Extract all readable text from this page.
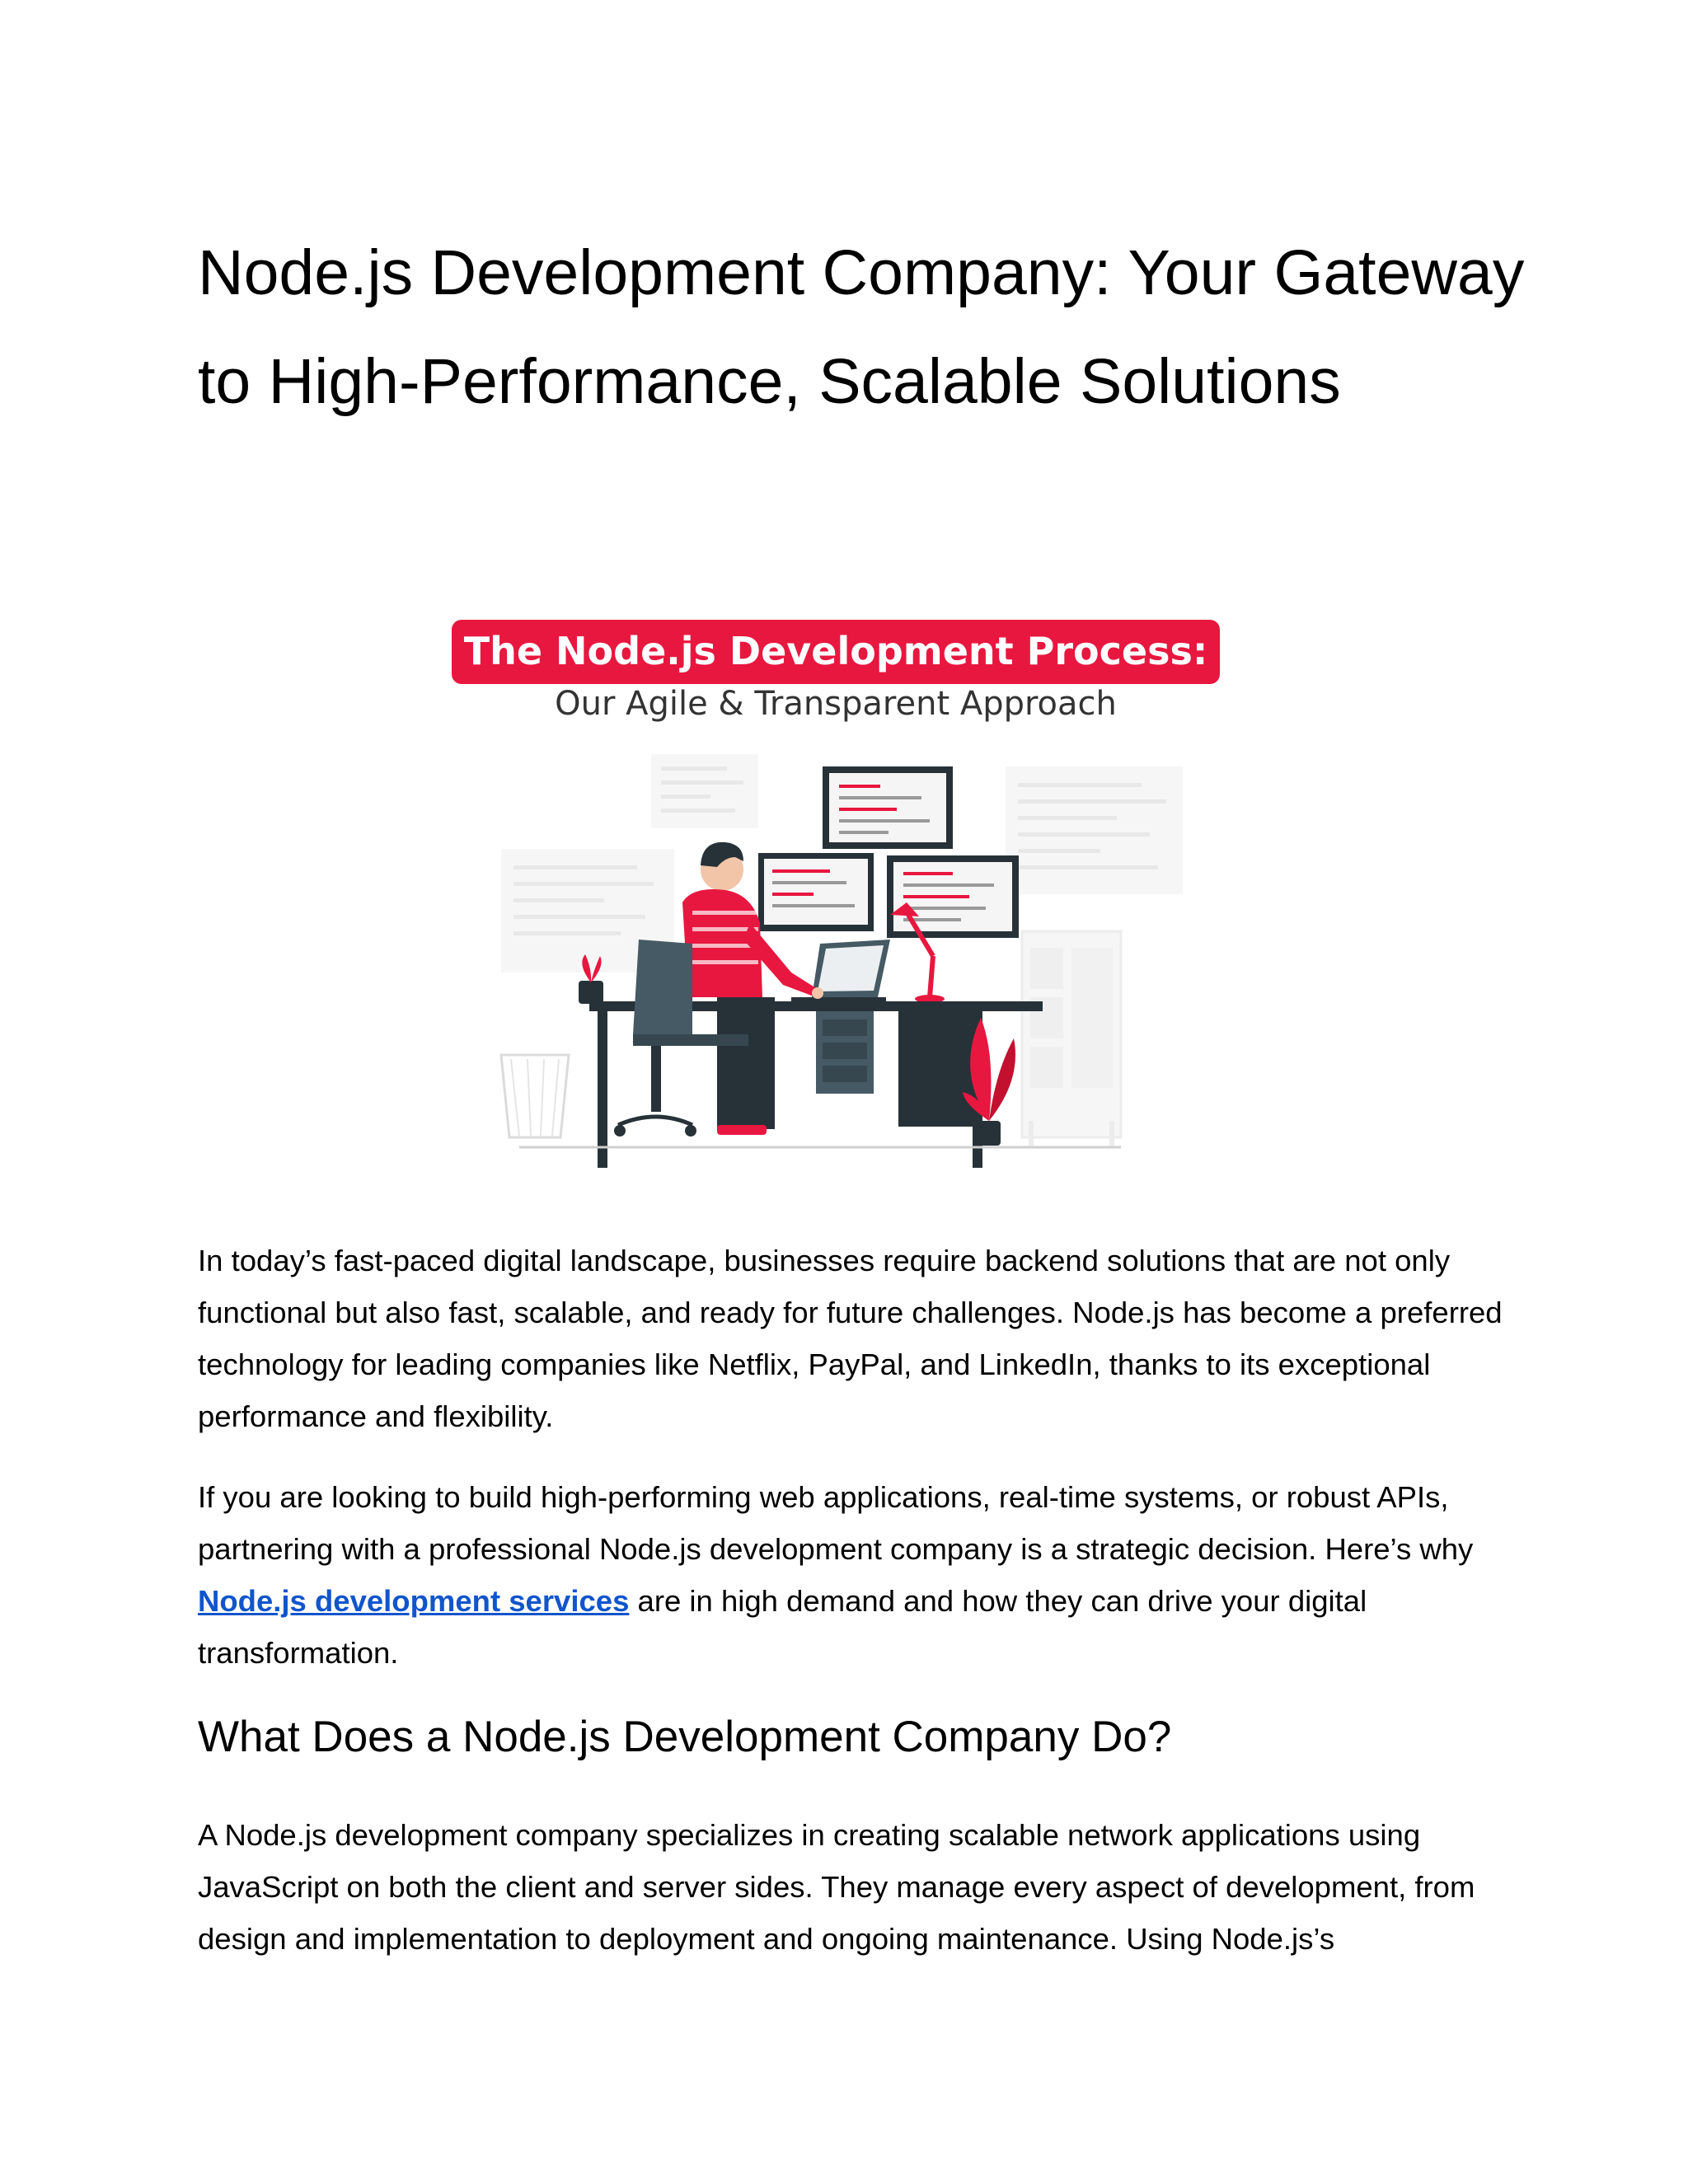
Node.js Development Company: Your Gateway to High-Performance, Scalable Solutions
The Node.js Development Process:
Our Agile & Transparent Approach

In today’s fast-paced digital landscape, businesses require backend solutions that are not only functional but also fast, scalable, and ready for future challenges. Node.js has become a preferred technology for leading companies like Netflix, PayPal, and LinkedIn, thanks to its exceptional performance and flexibility.

If you are looking to build high-performing web applications, real-time systems, or robust APIs, partnering with a professional Node.js development company is a strategic decision. Here’s why Node.js development services are in high demand and how they can drive your digital transformation.

What Does a Node.js Development Company Do?

A Node.js development company specializes in creating scalable network applications using JavaScript on both the client and server sides. They manage every aspect of development, from design and implementation to deployment and ongoing maintenance. Using Node.js’s
